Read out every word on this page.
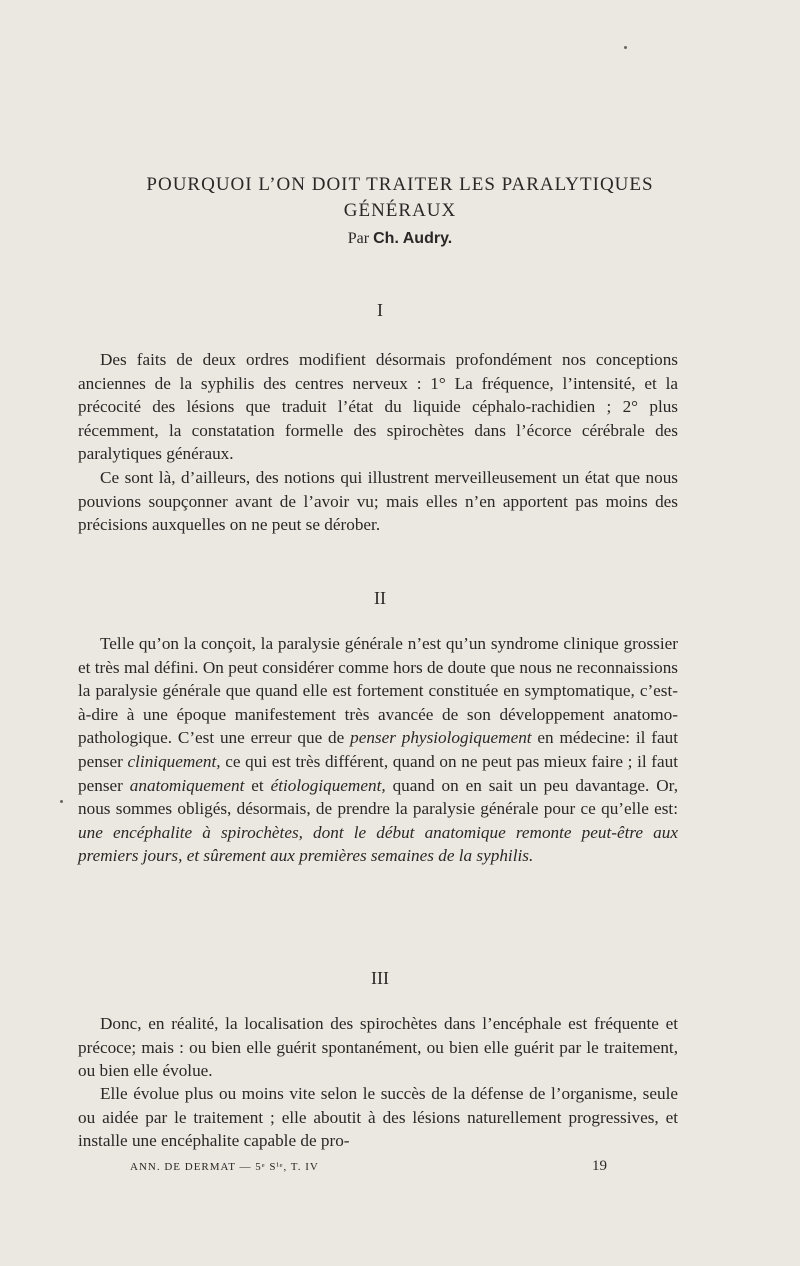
POURQUOI L’ON DOIT TRAITER LES PARALYTIQUES
GÉNÉRAUX
Par Ch. Audry.
I

Des faits de deux ordres modifient désormais profondément nos conceptions anciennes de la syphilis des centres nerveux : 1° La fréquence, l’intensité, et la précocité des lésions que traduit l’état du liquide céphalo-rachidien ; 2° plus récemment, la constatation formelle des spirochètes dans l’écorce cérébrale des paralytiques généraux.

Ce sont là, d’ailleurs, des notions qui illustrent merveilleusement un état que nous pouvions soupçonner avant de l’avoir vu; mais elles n’en apportent pas moins des précisions auxquelles on ne peut se dérober.

II

Telle qu’on la conçoit, la paralysie générale n’est qu’un syndrome clinique grossier et très mal défini. On peut considérer comme hors de doute que nous ne reconnaissions la paralysie générale que quand elle est fortement constituée en symptomatique, c’est-à-dire à une époque manifestement très avancée de son développement anatomo-pathologique. C’est une erreur que de penser physiologiquement en médecine: il faut penser cliniquement, ce qui est très différent, quand on ne peut pas mieux faire ; il faut penser anatomiquement et étiologiquement, quand on en sait un peu davantage. Or, nous sommes obligés, désormais, de prendre la paralysie générale pour ce qu’elle est: une encéphalite à spirochètes, dont le début anatomique remonte peut-être aux premiers jours, et sûrement aux premières semaines de la syphilis.

III

Donc, en réalité, la localisation des spirochètes dans l’encéphale est fréquente et précoce; mais : ou bien elle guérit spontanément, ou bien elle guérit par le traitement, ou bien elle évolue.

Elle évolue plus ou moins vite selon le succès de la défense de l’organisme, seule ou aidée par le traitement ; elle aboutit à des lésions naturellement progressives, et installe une encéphalite capable de pro-

ANN. DE DERMAT — 5ᵉ Sⁱᵉ, T. IV	19
